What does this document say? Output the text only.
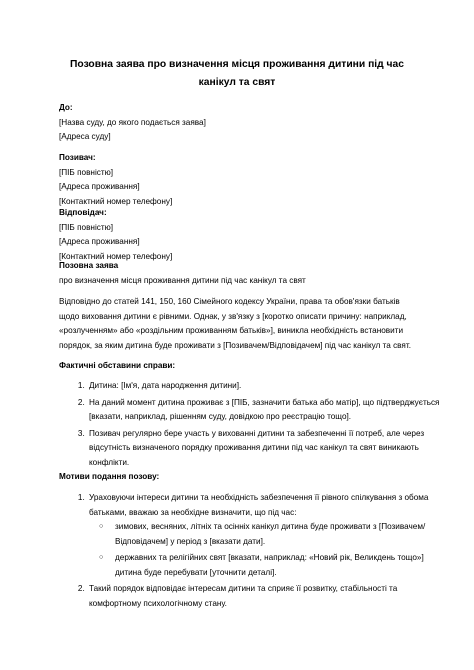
Позовна заява про визначення місця проживання дитини під час канікул та свят
До:
[Назва суду, до якого подається заява]
[Адреса суду]
Позивач:
[ПІБ повністю]
[Адреса проживання]
[Контактний номер телефону]
Відповідач:
[ПІБ повністю]
[Адреса проживання]
[Контактний номер телефону]
Позовна заява
про визначення місця проживання дитини під час канікул та свят
Відповідно до статей 141, 150, 160 Сімейного кодексу України, права та обов'язки батьків щодо виховання дитини є рівними. Однак, у зв'язку з [коротко описати причину: наприклад, «розлученням» або «роздільним проживанням батьків»], виникла необхідність встановити порядок, за яким дитина буде проживати з [Позивачем/Відповідачем] під час канікул та свят.
Фактичні обставини справи:
1. Дитина: [Ім'я, дата народження дитини].
2. На даний момент дитина проживає з [ПІБ, зазначити батька або матір], що підтверджується [вказати, наприклад, рішенням суду, довідкою про реєстрацію тощо].
3. Позивач регулярно бере участь у вихованні дитини та забезпеченні її потреб, але через відсутність визначеного порядку проживання дитини під час канікул та свят виникають конфлікти.
Мотиви подання позову:
1. Ураховуючи інтереси дитини та необхідність забезпечення її рівного спілкування з обома батьками, вважаю за необхідне визначити, що під час:
○ зимових, весняних, літніх та осінніх канікул дитина буде проживати з [Позивачем/Відповідачем] у період з [вказати дати].
○ державних та релігійних свят [вказати, наприклад: «Новий рік, Великдень тощо»] дитина буде перебувати [уточнити деталі].
2. Такий порядок відповідає інтересам дитини та сприяє її розвитку, стабільності та комфортному психологічному стану.
